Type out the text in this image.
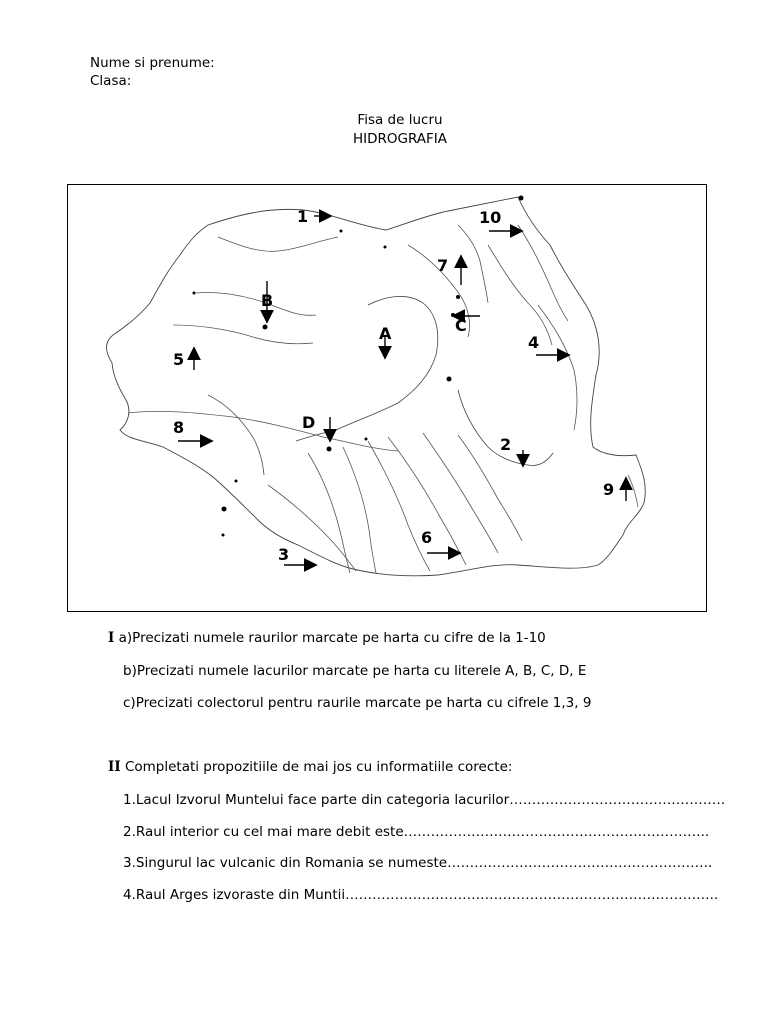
Nume si prenume:
Clasa:
Fisa de lucru
HIDROGRAFIA
1
2
3
4
5
6
7
8
9
10
A
B
C
D
I a)Precizati numele raurilor marcate pe harta cu cifre de la 1-10
b)Precizati numele lacurilor marcate pe harta cu literele A, B, C, D, E
c)Precizati colectorul pentru raurile marcate pe harta cu cifrele 1,3, 9
II Completati propozitiile de mai jos cu informatiile corecte:
1.Lacul Izvorul Muntelui face parte din categoria lacurilor…………………………………………
2.Raul interior cu cel mai mare debit este…………………………………………………………..
3.Singurul lac vulcanic din Romania se numeste…………………………………………………..
4.Raul Arges izvoraste din Muntii………………………………………………………………………..
